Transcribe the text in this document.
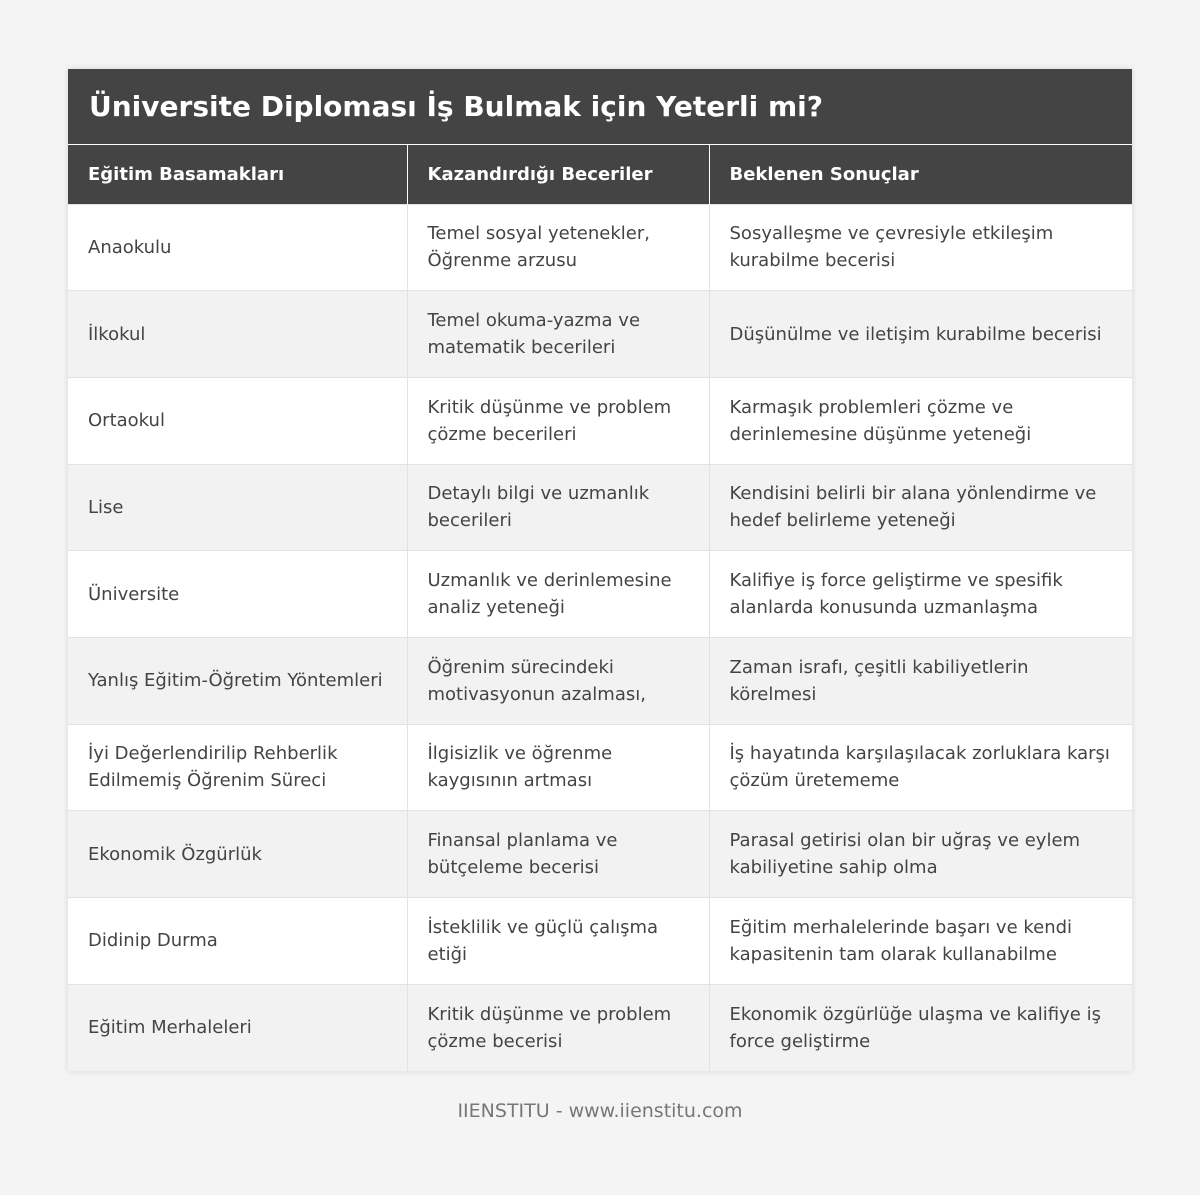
Üniversite Diploması İş Bulmak için Yeterli mi?
Eğitim Basamakları	Kazandırdığı Beceriler	Beklenen Sonuçlar
Anaokulu	Temel sosyal yetenekler, Öğrenme arzusu	Sosyalleşme ve çevresiyle etkileşim kurabilme becerisi
İlkokul	Temel okuma-yazma ve matematik becerileri	Düşünülme ve iletişim kurabilme becerisi
Ortaokul	Kritik düşünme ve problem çözme becerileri	Karmaşık problemleri çözme ve derinlemesine düşünme yeteneği
Lise	Detaylı bilgi ve uzmanlık becerileri	Kendisini belirli bir alana yönlendirme ve hedef belirleme yeteneği
Üniversite	Uzmanlık ve derinlemesine analiz yeteneği	Kalifiye iş force geliştirme ve spesifik alanlarda konusunda uzmanlaşma
Yanlış Eğitim-Öğretim Yöntemleri	Öğrenim sürecindeki motivasyonun azalması,	Zaman israfı, çeşitli kabiliyetlerin körelmesi
İyi Değerlendirilip Rehberlik Edilmemiş Öğrenim Süreci	İlgisizlik ve öğrenme kaygısının artması	İş hayatında karşılaşılacak zorluklara karşı çözüm üretememe
Ekonomik Özgürlük	Finansal planlama ve bütçeleme becerisi	Parasal getirisi olan bir uğraş ve eylem kabiliyetine sahip olma
Didinip Durma	İsteklilik ve güçlü çalışma etiği	Eğitim merhalelerinde başarı ve kendi kapasitenin tam olarak kullanabilme
Eğitim Merhaleleri	Kritik düşünme ve problem çözme becerisi	Ekonomik özgürlüğe ulaşma ve kalifiye iş force geliştirme
IIENSTITU - www.iienstitu.com
